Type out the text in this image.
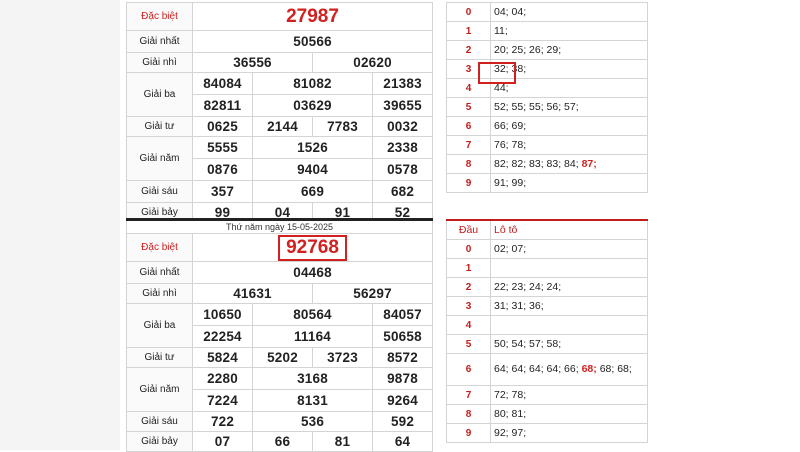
Đặc biệt	27987			
Giải nhất	50566			
Giải nhì	36556		02620	
Giải ba	84084	81082		21383
	82811	03629		39655
Giải tư	0625	2144	7783	0032
Giải năm	5555	1526		2338
	0876	9404		0578
Giải sáu	357	669		682
Giải bảy	99	04	91	52
Thứ năm ngày 15-05-2025				
Đặc biệt	92768			
Giải nhất	04468			
Giải nhì	41631		56297	
Giải ba	10650	80564		84057
	22254	11164		50658
Giải tư	5824	5202	3723	8572
Giải năm	2280	3168		9878
	7224	8131		9264
Giải sáu	722	536		592
Giải bảy	07	66	81	64
0	04; 04;
1	11;
2	20; 25; 26; 29;
3	32; 38;
4	44;
5	52; 55; 55; 56; 57;
6	66; 69;
7	76; 78;
8	82; 82; 83; 83; 84; 87;
9	91; 99;
Đầu	Lô tô
0	02; 07;
1	
2	22; 23; 24; 24;
3	31; 31; 36;
4	
5	50; 54; 57; 58;
6	64; 64; 64; 64; 66; 68; 68; 68;
7	72; 78;
8	80; 81;
9	92; 97;
